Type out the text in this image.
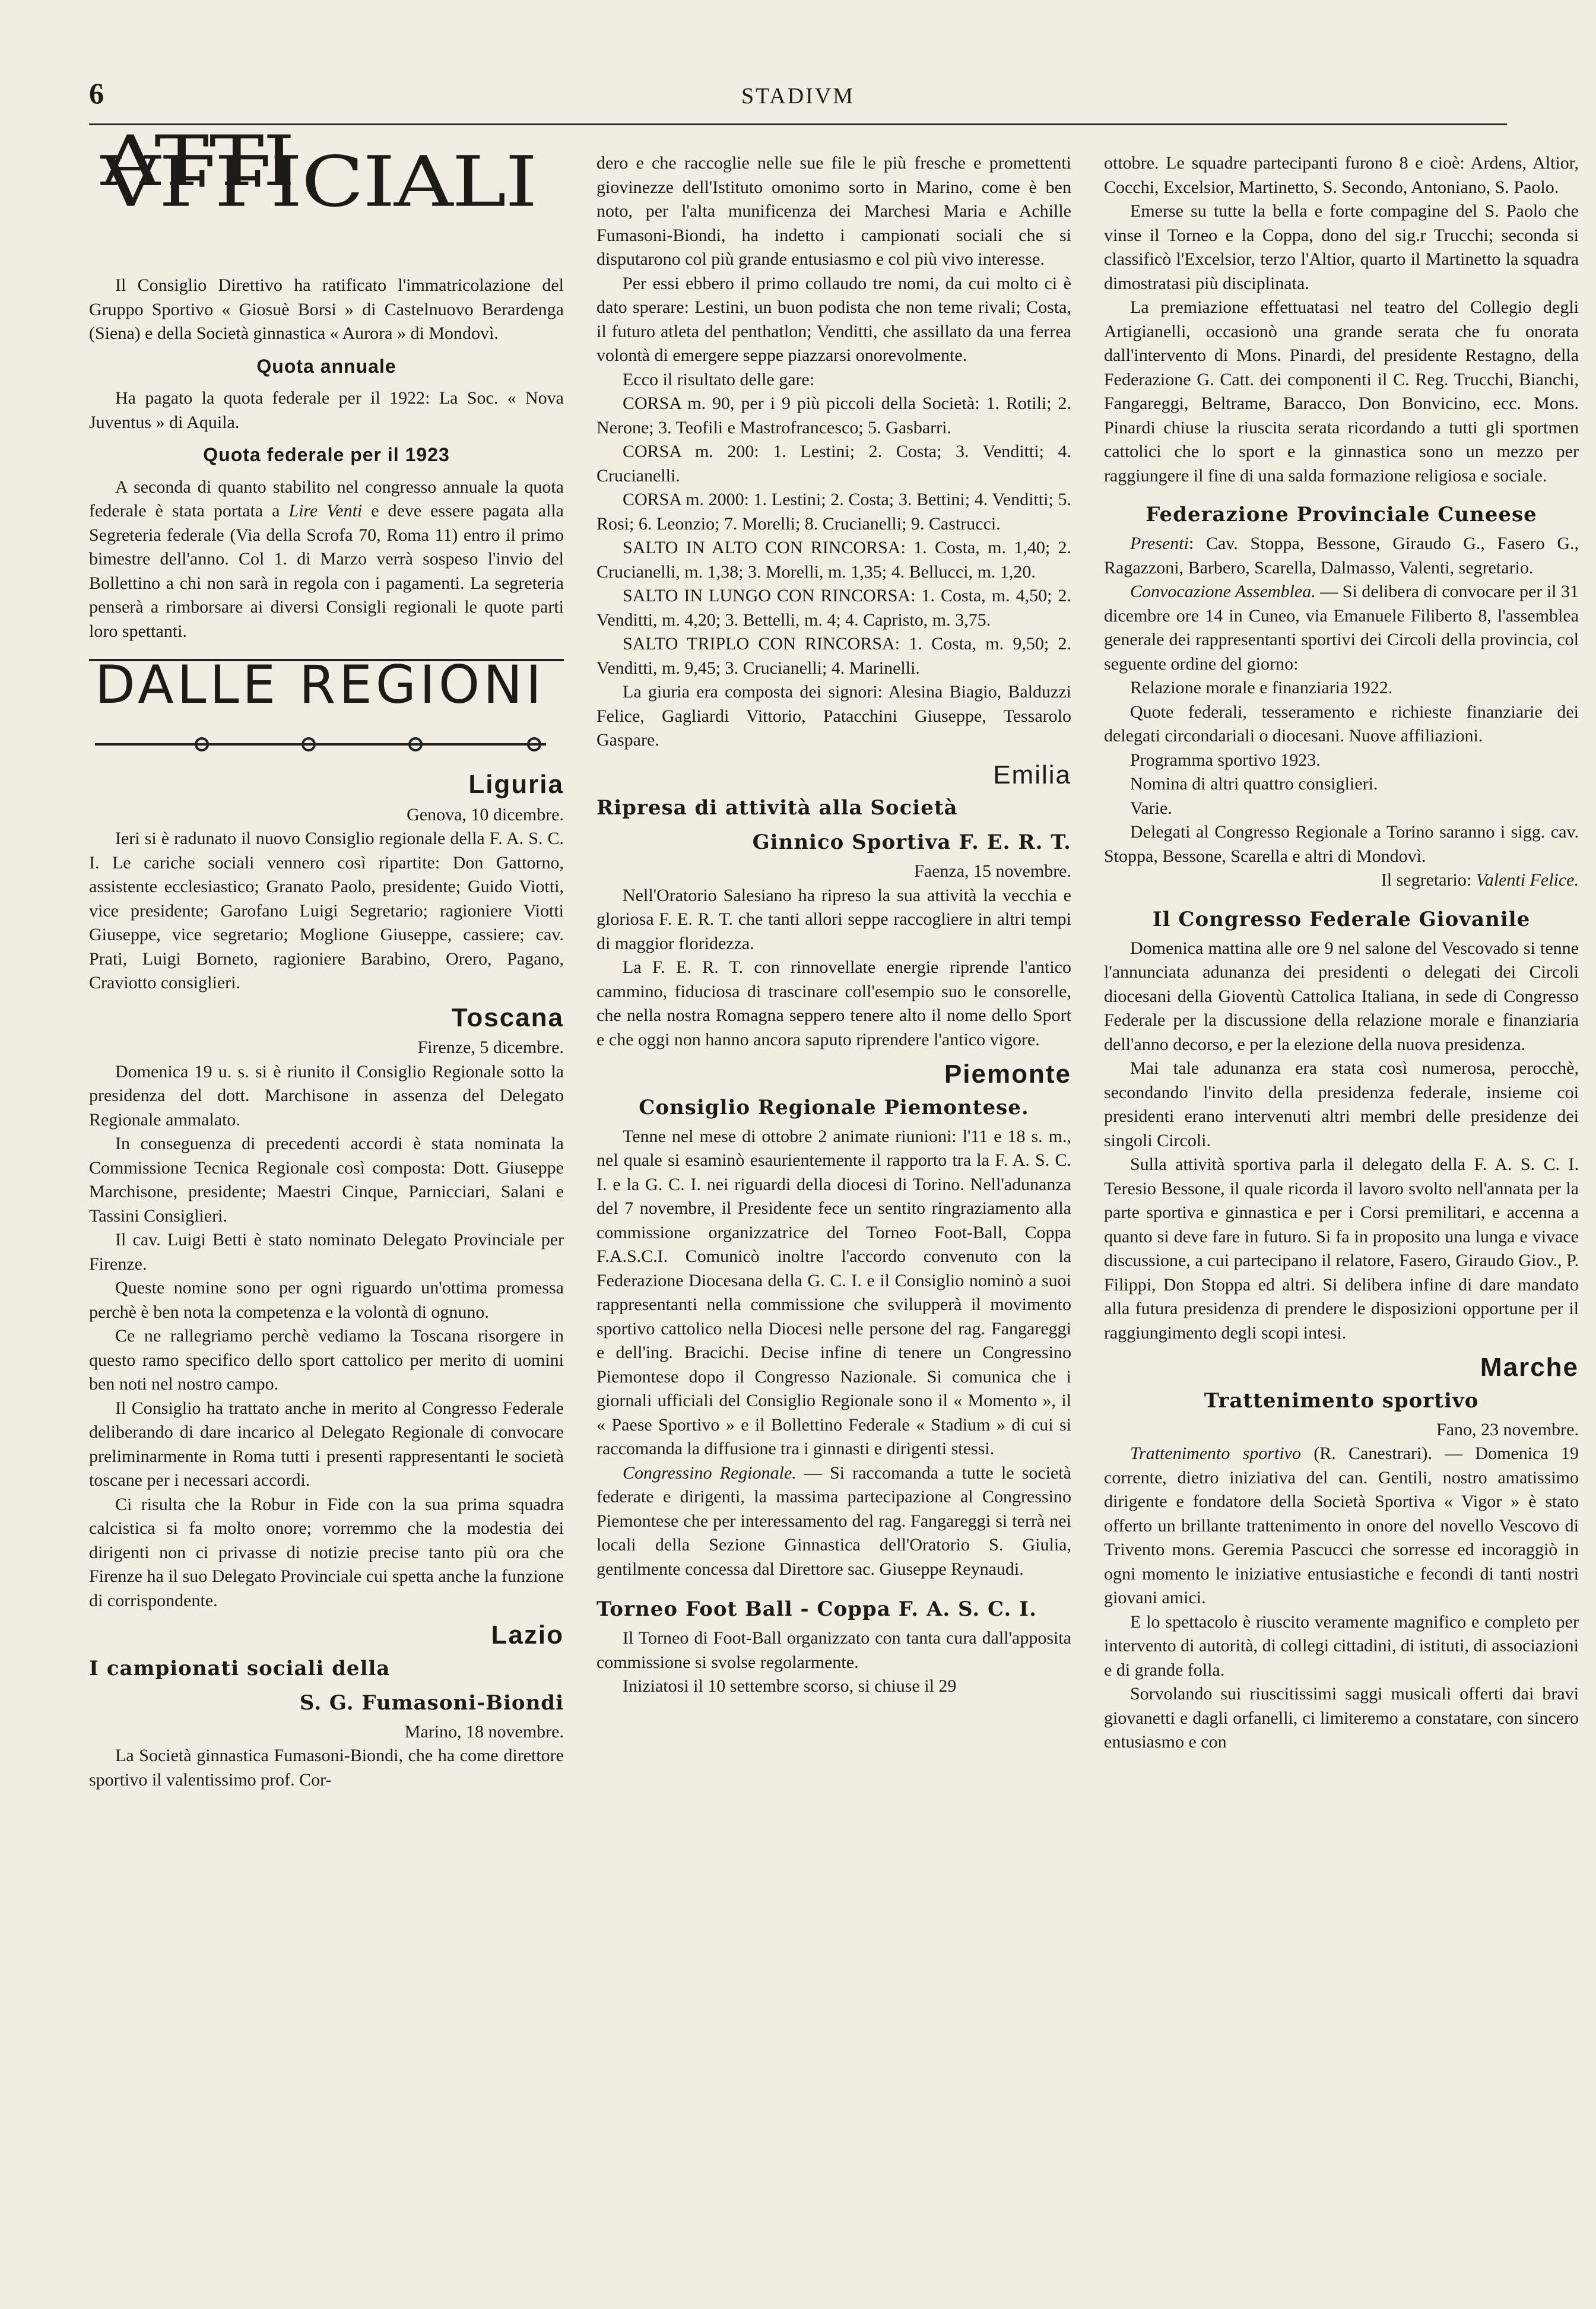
6	STADIVM
ATTI VFFICIALI

Il Consiglio Direttivo ha ratificato l'immatricolazione del Gruppo Sportivo « Giosuè Borsi » di Castelnuovo Berardenga (Siena) e della Società ginnastica « Aurora » di Mondovì.

Quota annuale

Ha pagato la quota federale per il 1922: La Soc. « Nova Juventus » di Aquila.

Quota federale per il 1923

A seconda di quanto stabilito nel congresso annuale la quota federale è stata portata a Lire Venti e deve essere pagata alla Segreteria federale (Via della Scrofa 70, Roma 11) entro il primo bimestre dell'anno. Col 1. di Marzo verrà sospeso l'invio del Bollettino a chi non sarà in regola con i pagamenti. La segreteria penserà a rimborsare ai diversi Consigli regionali le quote parti loro spettanti.

DALLE REGIONI
Liguria

Genova, 10 dicembre.

Ieri si è radunato il nuovo Consiglio regionale della F. A. S. C. I. Le cariche sociali vennero così ripartite: Don Gattorno, assistente ecclesiastico; Granato Paolo, presidente; Guido Viotti, vice presidente; Garofano Luigi Segretario; ragioniere Viotti Giuseppe, vice segretario; Moglione Giuseppe, cassiere; cav. Prati, Luigi Borneto, ragioniere Barabino, Orero, Pagano, Craviotto consiglieri.

Toscana

Firenze, 5 dicembre.

Domenica 19 u. s. si è riunito il Consiglio Regionale sotto la presidenza del dott. Marchisone in assenza del Delegato Regionale ammalato.

In conseguenza di precedenti accordi è stata nominata la Commissione Tecnica Regionale così composta: Dott. Giuseppe Marchisone, presidente; Maestri Cinque, Parnicciari, Salani e Tassini Consiglieri.

Il cav. Luigi Betti è stato nominato Delegato Provinciale per Firenze.

Queste nomine sono per ogni riguardo un'ottima promessa perchè è ben nota la competenza e la volontà di ognuno.

Ce ne rallegriamo perchè vediamo la Toscana risorgere in questo ramo specifico dello sport cattolico per merito di uomini ben noti nel nostro campo.

Il Consiglio ha trattato anche in merito al Congresso Federale deliberando di dare incarico al Delegato Regionale di convocare preliminarmente in Roma tutti i presenti rappresentanti le società toscane per i necessari accordi.

Ci risulta che la Robur in Fide con la sua prima squadra calcistica si fa molto onore; vorremmo che la modestia dei dirigenti non ci privasse di notizie precise tanto più ora che Firenze ha il suo Delegato Provinciale cui spetta anche la funzione di corrispondente.

Lazio
I campionati sociali della
S. G. Fumasoni-Biondi

Marino, 18 novembre.

La Società ginnastica Fumasoni-Biondi, che ha come direttore sportivo il valentissimo prof. Cor-

dero e che raccoglie nelle sue file le più fresche e promettenti giovinezze dell'Istituto omonimo sorto in Marino, come è ben noto, per l'alta munificenza dei Marchesi Maria e Achille Fumasoni-Biondi, ha indetto i campionati sociali che si disputarono col più grande entusiasmo e col più vivo interesse.

Per essi ebbero il primo collaudo tre nomi, da cui molto ci è dato sperare: Lestini, un buon podista che non teme rivali; Costa, il futuro atleta del penthatlon; Venditti, che assillato da una ferrea volontà di emergere seppe piazzarsi onorevolmente.

Ecco il risultato delle gare:

CORSA m. 90, per i 9 più piccoli della Società: 1. Rotili; 2. Nerone; 3. Teofili e Mastrofrancesco; 5. Gasbarri.

CORSA m. 200: 1. Lestini; 2. Costa; 3. Venditti; 4. Crucianelli.

CORSA m. 2000: 1. Lestini; 2. Costa; 3. Bettini; 4. Venditti; 5. Rosi; 6. Leonzio; 7. Morelli; 8. Crucianelli; 9. Castrucci.

SALTO IN ALTO CON RINCORSA: 1. Costa, m. 1,40; 2. Crucianelli, m. 1,38; 3. Morelli, m. 1,35; 4. Bellucci, m. 1,20.

SALTO IN LUNGO CON RINCORSA: 1. Costa, m. 4,50; 2. Venditti, m. 4,20; 3. Bettelli, m. 4; 4. Capristo, m. 3,75.

SALTO TRIPLO CON RINCORSA: 1. Costa, m. 9,50; 2. Venditti, m. 9,45; 3. Crucianelli; 4. Marinelli.

La giuria era composta dei signori: Alesina Biagio, Balduzzi Felice, Gagliardi Vittorio, Patacchini Giuseppe, Tessarolo Gaspare.

Emilia
Ripresa di attività alla Società
Ginnico Sportiva F. E. R. T.

Faenza, 15 novembre.

Nell'Oratorio Salesiano ha ripreso la sua attività la vecchia e gloriosa F. E. R. T. che tanti allori seppe raccogliere in altri tempi di maggior floridezza.

La F. E. R. T. con rinnovellate energie riprende l'antico cammino, fiduciosa di trascinare coll'esempio suo le consorelle, che nella nostra Romagna seppero tenere alto il nome dello Sport e che oggi non hanno ancora saputo riprendere l'antico vigore.

Piemonte
Consiglio Regionale Piemontese.

Tenne nel mese di ottobre 2 animate riunioni: l'11 e 18 s. m., nel quale si esaminò esaurientemente il rapporto tra la F. A. S. C. I. e la G. C. I. nei riguardi della diocesi di Torino. Nell'adunanza del 7 novembre, il Presidente fece un sentito ringraziamento alla commissione organizzatrice del Torneo Foot-Ball, Coppa F.A.S.C.I. Comunicò inoltre l'accordo convenuto con la Federazione Diocesana della G. C. I. e il Consiglio nominò a suoi rappresentanti nella commissione che svilupperà il movimento sportivo cattolico nella Diocesi nelle persone del rag. Fangareggi e dell'ing. Bracichi. Decise infine di tenere un Congressino Piemontese dopo il Congresso Nazionale. Si comunica che i giornali ufficiali del Consiglio Regionale sono il « Momento », il « Paese Sportivo » e il Bollettino Federale « Stadium » di cui si raccomanda la diffusione tra i ginnasti e dirigenti stessi.

Congressino Regionale. — Si raccomanda a tutte le società federate e dirigenti, la massima partecipazione al Congressino Piemontese che per interessamento del rag. Fangareggi si terrà nei locali della Sezione Ginnastica dell'Oratorio S. Giulia, gentilmente concessa dal Direttore sac. Giuseppe Reynaudi.

Torneo Foot Ball - Coppa F. A. S. C. I.

Il Torneo di Foot-Ball organizzato con tanta cura dall'apposita commissione si svolse regolarmente.

Iniziatosi il 10 settembre scorso, si chiuse il 29

ottobre. Le squadre partecipanti furono 8 e cioè: Ardens, Altior, Cocchi, Excelsior, Martinetto, S. Secondo, Antoniano, S. Paolo.

Emerse su tutte la bella e forte compagine del S. Paolo che vinse il Torneo e la Coppa, dono del sig.r Trucchi; seconda si classificò l'Excelsior, terzo l'Altior, quarto il Martinetto la squadra dimostratasi più disciplinata.

La premiazione effettuatasi nel teatro del Collegio degli Artigianelli, occasionò una grande serata che fu onorata dall'intervento di Mons. Pinardi, del presidente Restagno, della Federazione G. Catt. dei componenti il C. Reg. Trucchi, Bianchi, Fangareggi, Beltrame, Baracco, Don Bonvicino, ecc. Mons. Pinardi chiuse la riuscita serata ricordando a tutti gli sportmen cattolici che lo sport e la ginnastica sono un mezzo per raggiungere il fine di una salda formazione religiosa e sociale.

Federazione Provinciale Cuneese

Presenti: Cav. Stoppa, Bessone, Giraudo G., Fasero G., Ragazzoni, Barbero, Scarella, Dalmasso, Valenti, segretario.

Convocazione Assemblea. — Si delibera di convocare per il 31 dicembre ore 14 in Cuneo, via Emanuele Filiberto 8, l'assemblea generale dei rappresentanti sportivi dei Circoli della provincia, col seguente ordine del giorno:

Relazione morale e finanziaria 1922.

Quote federali, tesseramento e richieste finanziarie dei delegati circondariali o diocesani. Nuove affiliazioni.

Programma sportivo 1923.

Nomina di altri quattro consiglieri.

Varie.

Delegati al Congresso Regionale a Torino saranno i sigg. cav. Stoppa, Bessone, Scarella e altri di Mondovì.

Il segretario: Valenti Felice.

Il Congresso Federale Giovanile

Domenica mattina alle ore 9 nel salone del Vescovado si tenne l'annunciata adunanza dei presidenti o delegati dei Circoli diocesani della Gioventù Cattolica Italiana, in sede di Congresso Federale per la discussione della relazione morale e finanziaria dell'anno decorso, e per la elezione della nuova presidenza.

Mai tale adunanza era stata così numerosa, perocchè, secondando l'invito della presidenza federale, insieme coi presidenti erano intervenuti altri membri delle presidenze dei singoli Circoli.

Sulla attività sportiva parla il delegato della F. A. S. C. I. Teresio Bessone, il quale ricorda il lavoro svolto nell'annata per la parte sportiva e ginnastica e per i Corsi premilitari, e accenna a quanto si deve fare in futuro. Si fa in proposito una lunga e vivace discussione, a cui partecipano il relatore, Fasero, Giraudo Giov., P. Filippi, Don Stoppa ed altri. Si delibera infine di dare mandato alla futura presidenza di prendere le disposizioni opportune per il raggiungimento degli scopi intesi.

Marche
Trattenimento sportivo

Fano, 23 novembre.

Trattenimento sportivo (R. Canestrari). — Domenica 19 corrente, dietro iniziativa del can. Gentili, nostro amatissimo dirigente e fondatore della Società Sportiva « Vigor » è stato offerto un brillante trattenimento in onore del novello Vescovo di Trivento mons. Geremia Pascucci che sorresse ed incoraggiò in ogni momento le iniziative entusiastiche e fecondi di tanti nostri giovani amici.

E lo spettacolo è riuscito veramente magnifico e completo per intervento di autorità, di collegi cittadini, di istituti, di associazioni e di grande folla.

Sorvolando sui riuscitissimi saggi musicali offerti dai bravi giovanetti e dagli orfanelli, ci limiteremo a constatare, con sincero entusiasmo e con
